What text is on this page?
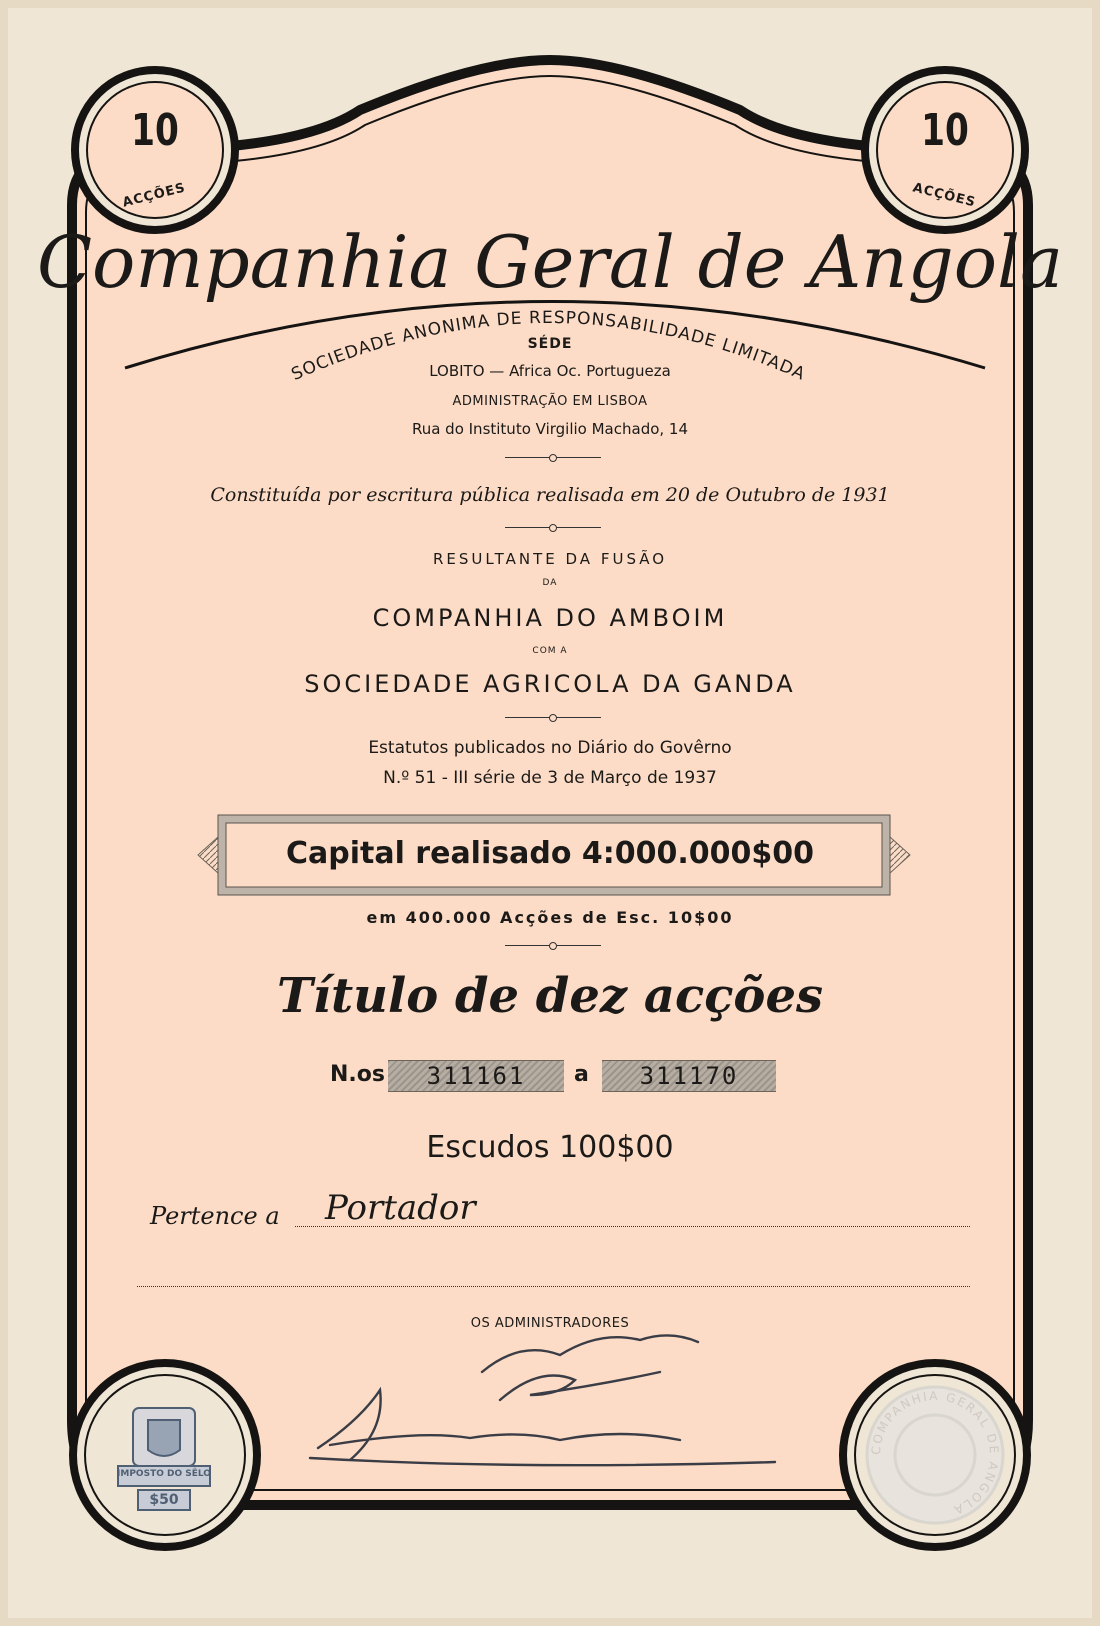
10
ACÇÕES
10
ACÇÕES
Companhia Geral de Angola
SOCIEDADE ANONIMA DE RESPONSABILIDADE LIMITADA
SÉDE
LOBITO — Africa Oc. Portugueza
ADMINISTRAÇÃO EM LISBOA
Rua do Instituto Virgilio Machado, 14
Constituída por escritura pública realisada em 20 de Outubro de 1931
RESULTANTE DA FUSÃO
DA
COMPANHIA DO AMBOIM
COM A
SOCIEDADE AGRICOLA DA GANDA
Estatutos publicados no Diário do Govêrno
N.º 51 - III série de 3 de Março de 1937
Capital realisado 4:000.000$00
em 400.000 Acções de Esc. 10$00
Título de dez acções
N.os	311161	a	311170
Escudos 100$00
Pertence a Portador
OS ADMINISTRADORES
IMPOSTO DO SÊLO
$50
COMPANHIA GERAL DE ANGOLA
